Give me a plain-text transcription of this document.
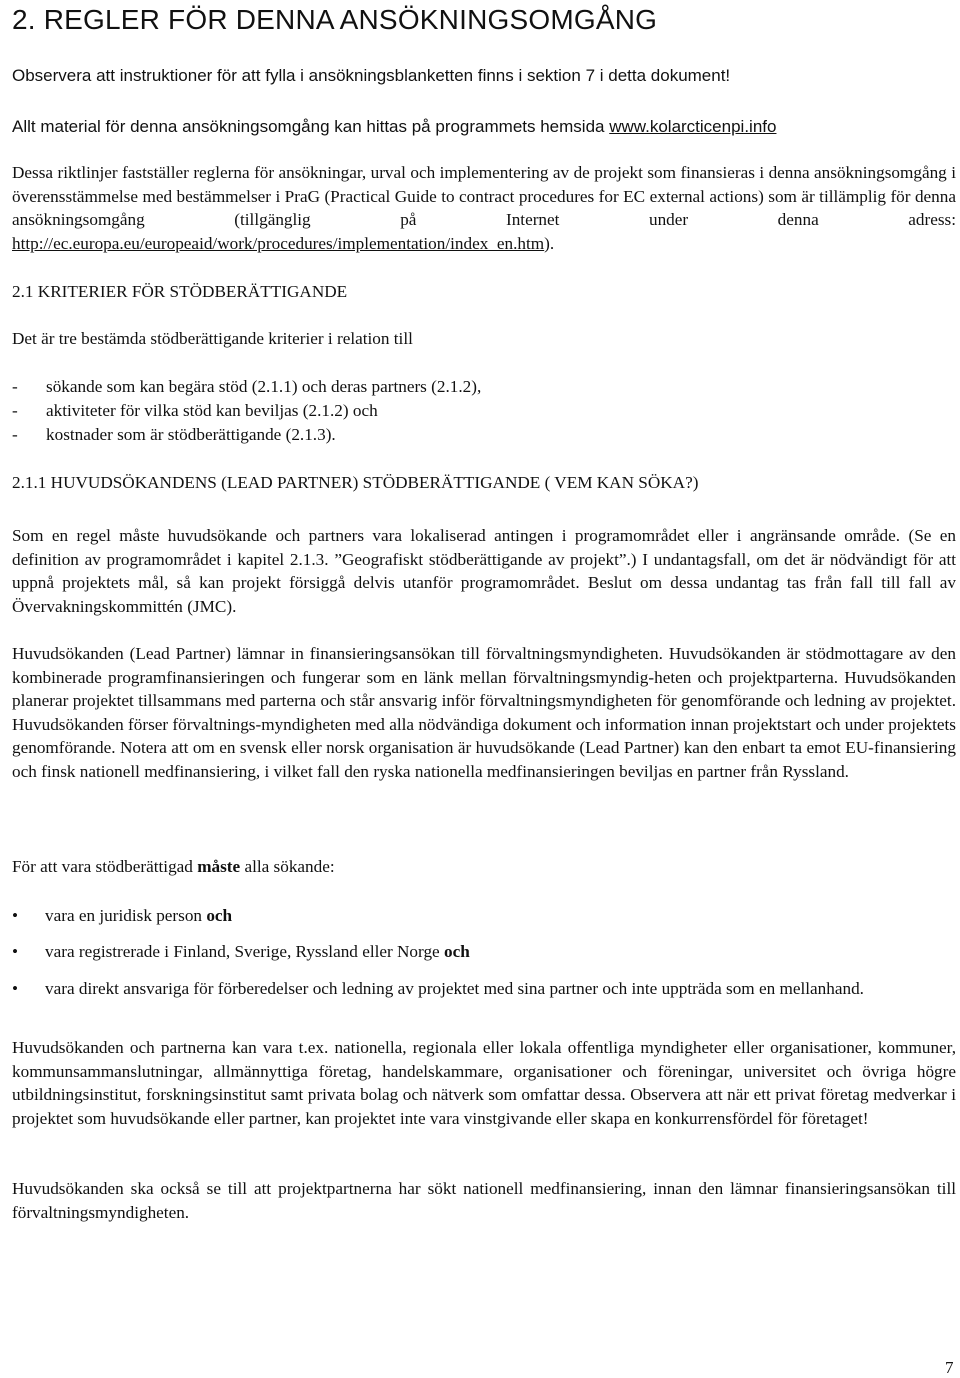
2. REGLER FÖR DENNA ANSÖKNINGSOMGÅNG
Observera att instruktioner för att fylla i ansökningsblanketten finns i sektion 7 i detta dokument!
Allt material för denna ansökningsomgång kan hittas på programmets hemsida www.kolarcticenpi.info

Dessa riktlinjer fastställer reglerna för ansökningar, urval och implementering av de projekt som finansieras i denna ansökningsomgång i överensstämmelse med bestämmelser i PraG (Practical Guide to contract procedures for EC external actions) som är tillämplig för denna ansökningsomgång (tillgänglig på Internet under denna adress: http://ec.europa.eu/europeaid/work/procedures/implementation/index_en.htm).

2.1 KRITERIER FÖR STÖDBERÄTTIGANDE
Det är tre bestämda stödberättigande kriterier i relation till
- sökande som kan begära stöd (2.1.1) och deras partners (2.1.2),
- aktiviteter för vilka stöd kan beviljas (2.1.2) och
- kostnader som är stödberättigande (2.1.3).
2.1.1 HUVUDSÖKANDENS (LEAD PARTNER) STÖDBERÄTTIGANDE ( VEM KAN SÖKA?)

Som en regel måste huvudsökande och partners vara lokaliserad antingen i programområdet eller i angränsande område. (Se en definition av programområdet i kapitel 2.1.3. ”Geografiskt stödberättigande av projekt”.) I undantagsfall, om det är nödvändigt för att uppnå projektets mål, så kan projekt försiggå delvis utanför programområdet. Beslut om dessa undantag tas från fall till fall av Övervakningskommittén (JMC).

Huvudsökanden (Lead Partner) lämnar in finansieringsansökan till förvaltningsmyndigheten. Huvudsökanden är stödmottagare av den kombinerade programfinansieringen och fungerar som en länk mellan förvaltningsmyndig-heten och projektparterna. Huvudsökanden planerar projektet tillsammans med parterna och står ansvarig inför förvaltningsmyndigheten för genomförande och ledning av projektet. Huvudsökanden förser förvaltnings-myndigheten med alla nödvändiga dokument och information innan projektstart och under projektets genomförande. Notera att om en svensk eller norsk organisation är huvudsökande (Lead Partner) kan den enbart ta emot EU-finansiering och finsk nationell medfinansiering, i vilket fall den ryska nationella medfinansieringen beviljas en partner från Ryssland.

För att vara stödberättigad måste alla sökande:
• vara en juridisk person och
• vara registrerade i Finland, Sverige, Ryssland eller Norge och
• vara direkt ansvariga för förberedelser och ledning av projektet med sina partner och inte uppträda som en mellanhand.

Huvudsökanden och partnerna kan vara t.ex. nationella, regionala eller lokala offentliga myndigheter eller organisationer, kommuner, kommunsammanslutningar, allmännyttiga företag, handelskammare, organisationer och föreningar, universitet och övriga högre utbildningsinstitut, forskningsinstitut samt privata bolag och nätverk som omfattar dessa. Observera att när ett privat företag medverkar i projektet som huvudsökande eller partner, kan projektet inte vara vinstgivande eller skapa en konkurrensfördel för företaget!

Huvudsökanden ska också se till att projektpartnerna har sökt nationell medfinansiering, innan den lämnar finansieringsansökan till förvaltningsmyndigheten.

7
